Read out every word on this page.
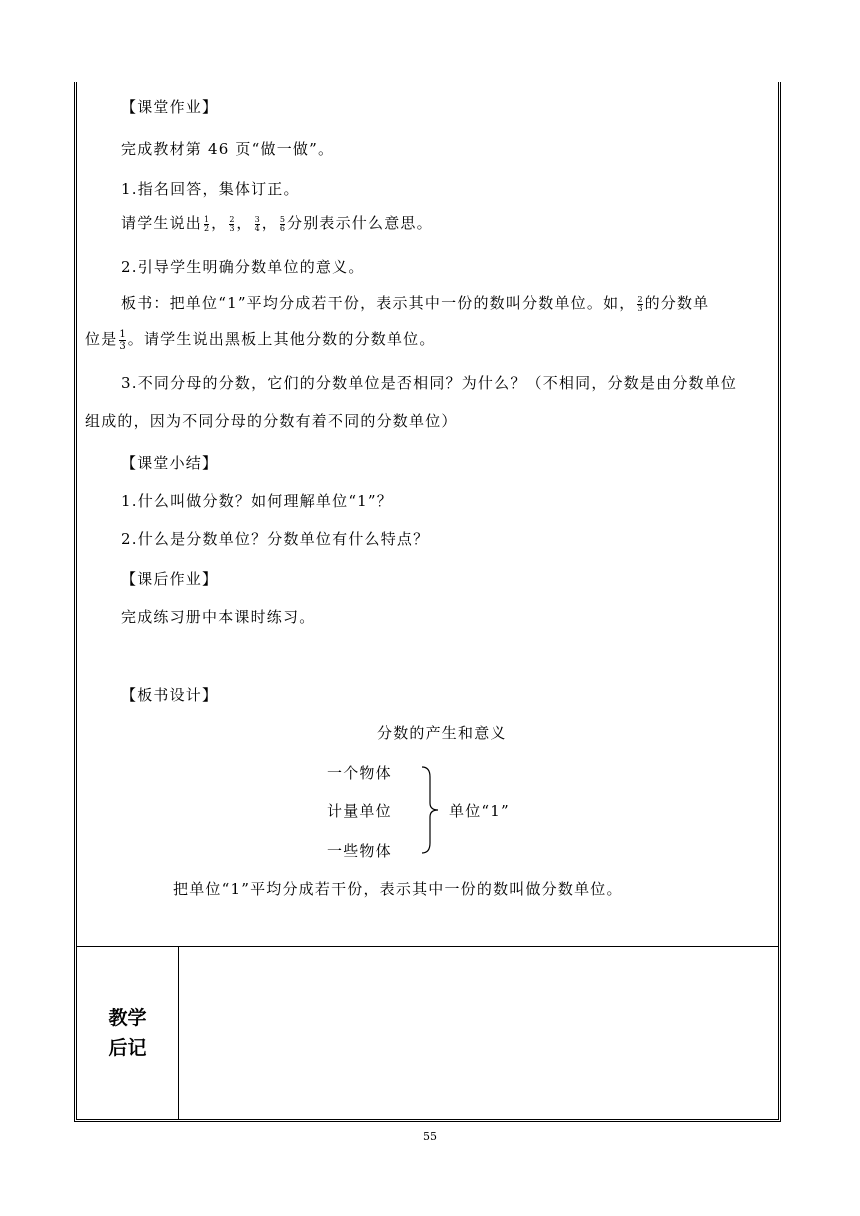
【课堂作业】
完成教材第 46 页“做一做”。
1.指名回答，集体订正。
请学生说出 $\frac{1}{2}$ ， $\frac{2}{3}$ ， $\frac{3}{4}$ ， $\frac{5}{6}$ 分别表示什么意思。
2.引导学生明确分数单位的意义。
板书：把单位“1”平均分成若干份，表示其中一份的数叫分数单位。如， $\frac{2}{3}$ 的分数单
位是 $\frac{1}{3}$ 。请学生说出黑板上其他分数的分数单位。
3.不同分母的分数，它们的分数单位是否相同？为什么？（不相同，分数是由分数单位
组成的，因为不同分母的分数有着不同的分数单位）
【课堂小结】
1.什么叫做分数？如何理解单位“1”？
2.什么是分数单位？分数单位有什么特点？
【课后作业】
完成练习册中本课时练习。
【板书设计】
分数的产生和意义
一个物体
计量单位
一些物体
单位“1”
把单位“1”平均分成若干份，表示其中一份的数叫做分数单位。
教学后记
55
